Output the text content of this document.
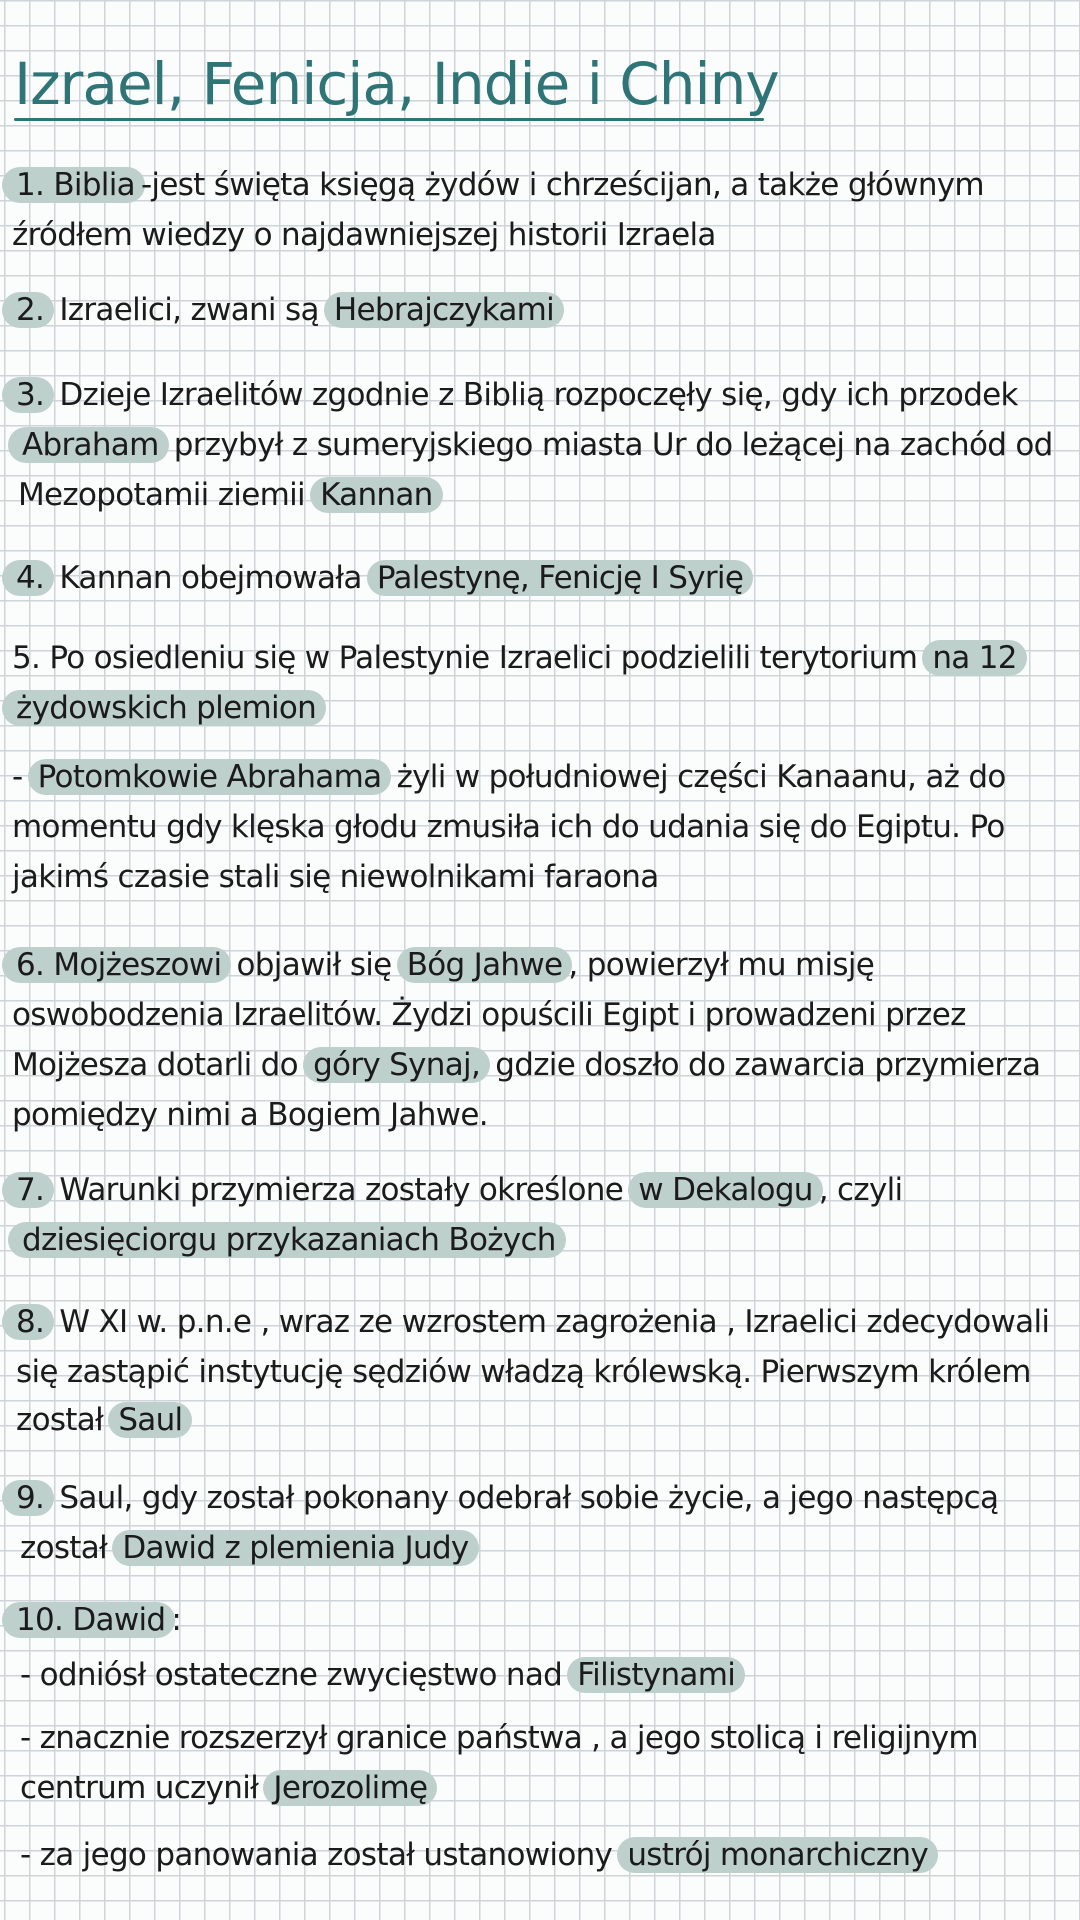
Izrael, Fenicja, Indie i Chiny
1. Biblia -jest święta księgą żydów i chrześcijan, a także głównym
źródłem wiedzy o najdawniejszej historii Izraela
2. Izraelici, zwani są Hebrajczykami
3. Dzieje Izraelitów zgodnie z Biblią rozpoczęły się, gdy ich przodek
Abraham przybył z sumeryjskiego miasta Ur do leżącej na zachód od
Mezopotamii ziemii Kannan
4. Kannan obejmowała Palestynę, Fenicję I Syrię
5. Po osiedleniu się w Palestynie Izraelici podzielili terytorium na 12
żydowskich plemion
- Potomkowie Abrahama żyli w południowej części Kanaanu, aż do
momentu gdy klęska głodu zmusiła ich do udania się do Egiptu. Po
jakimś czasie stali się niewolnikami faraona
6. Mojżeszowi objawił się Bóg Jahwe , powierzył mu misję
oswobodzenia Izraelitów. Żydzi opuścili Egipt i prowadzeni przez
Mojżesza dotarli do góry Synaj, gdzie doszło do zawarcia przymierza
pomiędzy nimi a Bogiem Jahwe.
7. Warunki przymierza zostały określone w Dekalogu , czyli
dziesięciorgu przykazaniach Bożych
8. W XI w. p.n.e , wraz ze wzrostem zagrożenia , Izraelici zdecydowali
się zastąpić instytucję sędziów władzą królewską. Pierwszym królem
został Saul
9. Saul, gdy został pokonany odebrał sobie życie, a jego następcą
został Dawid z plemienia Judy
10. Dawid :
- odniósł ostateczne zwycięstwo nad Filistynami
- znacznie rozszerzył granice państwa , a jego stolicą i religijnym
centrum uczynił Jerozolimę
- za jego panowania został ustanowiony ustrój monarchiczny
